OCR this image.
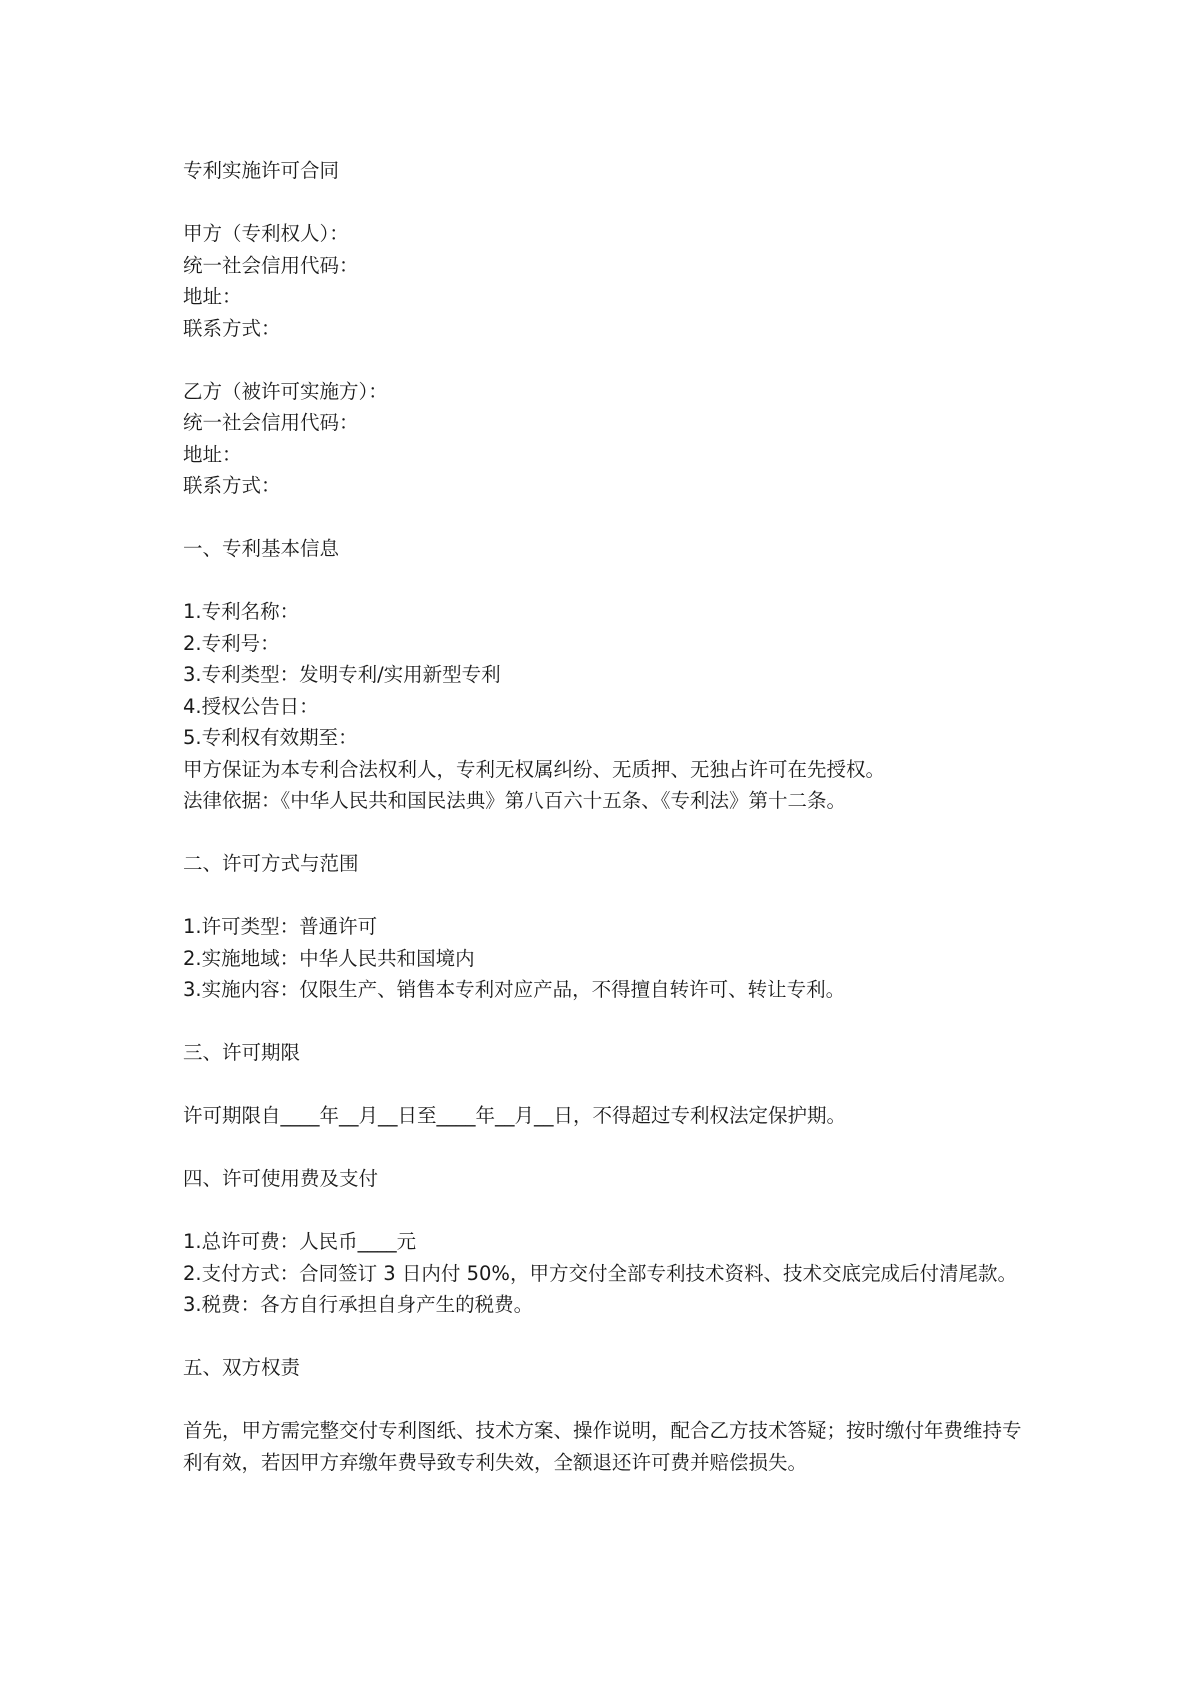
专利实施许可合同
甲方（专利权人）：
统一社会信用代码：
地址：
联系方式：
乙方（被许可实施方）：
统一社会信用代码：
地址：
联系方式：
一、专利基本信息
1.专利名称：
2.专利号：
3.专利类型：发明专利/实用新型专利
4.授权公告日：
5.专利权有效期至：
甲方保证为本专利合法权利人，专利无权属纠纷、无质押、无独占许可在先授权。
法律依据：《中华人民共和国民法典》第八百六十五条、《专利法》第十二条。
二、许可方式与范围
1.许可类型：普通许可
2.实施地域：中华人民共和国境内
3.实施内容：仅限生产、销售本专利对应产品，不得擅自转许可、转让专利。
三、许可期限
许可期限自____年__月__日至____年__月__日，不得超过专利权法定保护期。
四、许可使用费及支付
1.总许可费：人民币____元
2.支付方式：合同签订 3 日内付 50%，甲方交付全部专利技术资料、技术交底完成后付清尾款。
3.税费：各方自行承担自身产生的税费。
五、双方权责
首先，甲方需完整交付专利图纸、技术方案、操作说明，配合乙方技术答疑；按时缴付年费维持专利有效，若因甲方弃缴年费导致专利失效，全额退还许可费并赔偿损失。
